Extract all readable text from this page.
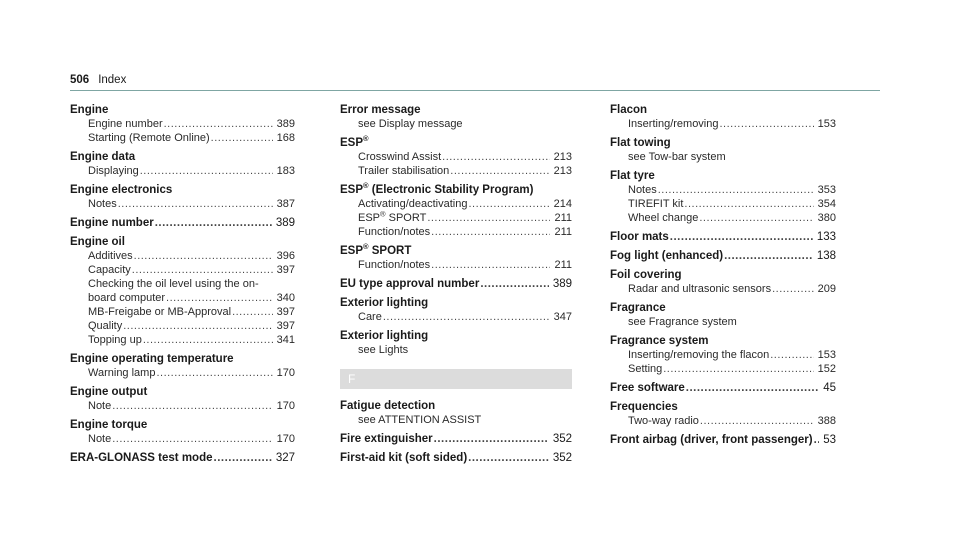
506 Index
Engine
Engine number .....	389
Starting (Remote Online) .....	168
Engine data
Displaying .....	183
Engine electronics
Notes .....	387
Engine number .....	389
Engine oil
Additives .....	396
Capacity .....	397
Checking the oil level using the on-
board computer .....	340
MB-Freigabe or MB-Approval .....	397
Quality .....	397
Topping up .....	341
Engine operating temperature
Warning lamp .....	170
Engine output
Note .....	170
Engine torque
Note .....	170
ERA-GLONASS test mode .....	327
Error message
see Display message
ESP®
Crosswind Assist .....	213
Trailer stabilisation .....	213
ESP® (Electronic Stability Program)
Activating/deactivating .....	214
ESP® SPORT .....	211
Function/notes .....	211
ESP® SPORT
Function/notes .....	211
EU type approval number .....	389
Exterior lighting
Care .....	347
Exterior lighting
see Lights
F
Fatigue detection
see ATTENTION ASSIST
Fire extinguisher .....	352
First-aid kit (soft sided) .....	352
Flacon
Inserting/removing .....	153
Flat towing
see Tow-bar system
Flat tyre
Notes .....	353
TIREFIT kit .....	354
Wheel change .....	380
Floor mats .....	133
Fog light (enhanced) .....	138
Foil covering
Radar and ultrasonic sensors .....	209
Fragrance
see Fragrance system
Fragrance system
Inserting/removing the flacon .....	153
Setting .....	152
Free software .....	45
Frequencies
Two-way radio .....	388
Front airbag (driver, front passenger) ..... 53
